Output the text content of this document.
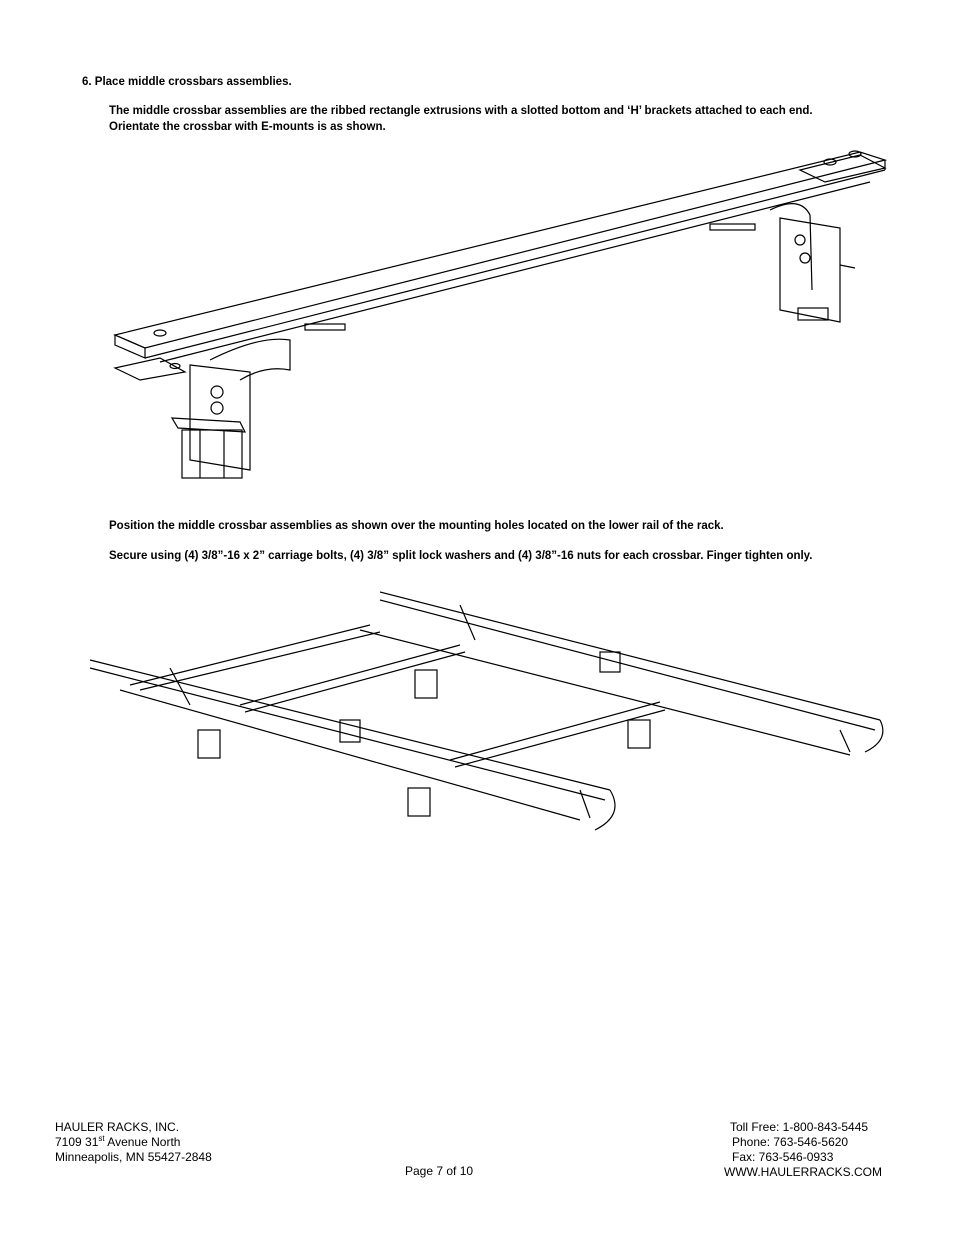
6. Place middle crossbars assemblies.
The middle crossbar assemblies are the ribbed rectangle extrusions with a slotted bottom and ‘H’ brackets attached to each end.
Orientate the crossbar with E-mounts is as shown.
Position the middle crossbar assemblies as shown over the mounting holes located on the lower rail of the rack.
Secure using (4) 3/8”-16 x 2” carriage bolts, (4) 3/8” split lock washers and (4) 3/8”-16 nuts for each crossbar. Finger tighten only.
HAULER RACKS, INC.
7109 31st Avenue North
Minneapolis, MN 55427-2848
Toll Free: 1-800-843-5445
Phone: 763-546-5620
Fax: 763-546-0933
WWW.HAULERRACKS.COM
Page 7 of 10
